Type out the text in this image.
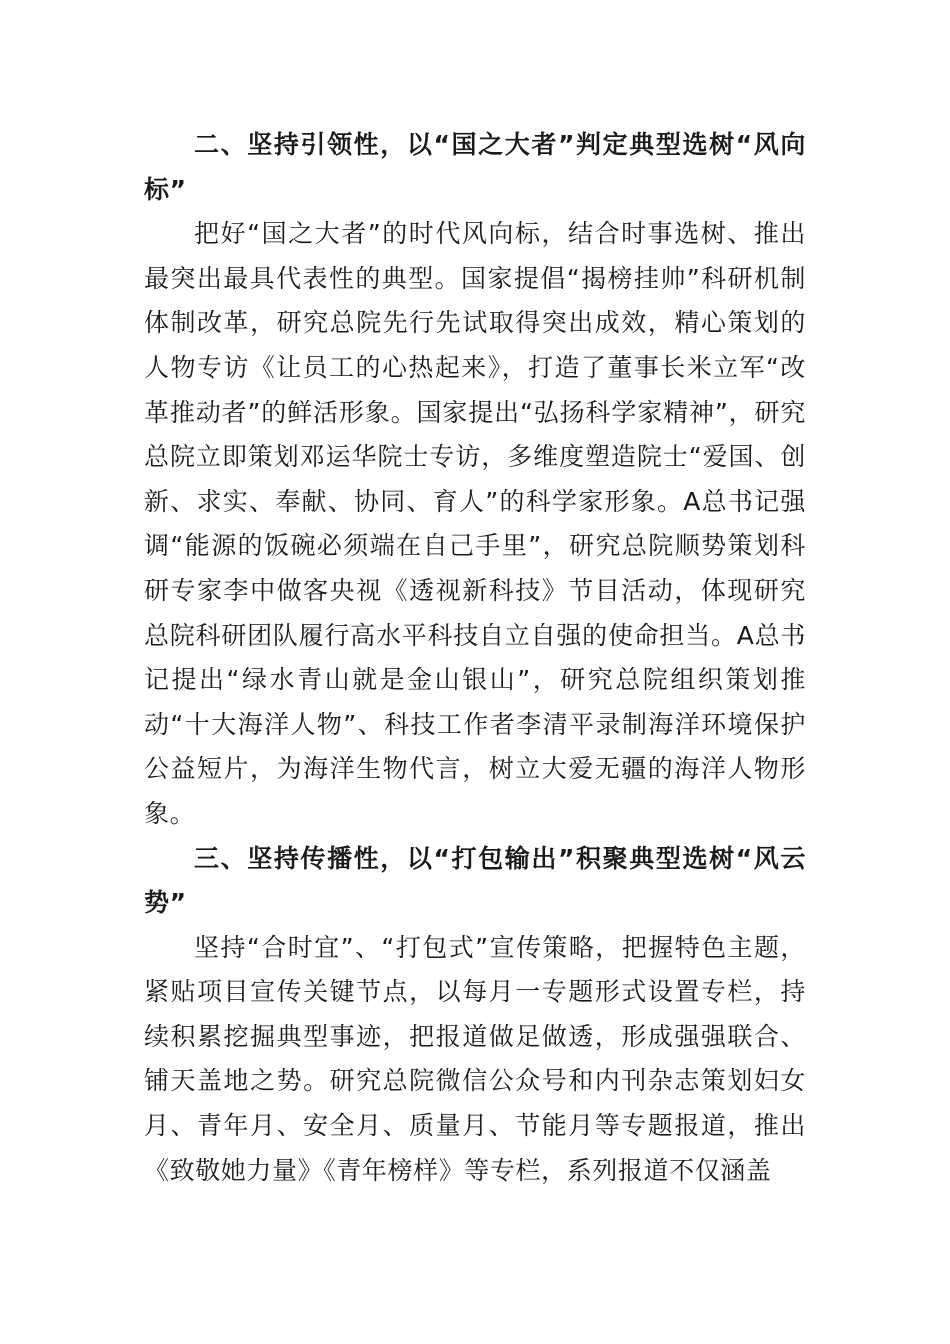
二、坚持引领性，以“国之大者”判定典型选树“风向标”

把好“国之大者”的时代风向标，结合时事选树、推出最突出最具代表性的典型。国家提倡“揭榜挂帅”科研机制体制改革，研究总院先行先试取得突出成效，精心策划的人物专访《让员工的心热起来》，打造了董事长米立军“改革推动者”的鲜活形象。国家提出“弘扬科学家精神”，研究总院立即策划邓运华院士专访，多维度塑造院士“爱国、创新、求实、奉献、协同、育人”的科学家形象。A总书记强调“能源的饭碗必须端在自己手里”，研究总院顺势策划科研专家李中做客央视《透视新科技》节目活动，体现研究总院科研团队履行高水平科技自立自强的使命担当。A总书记提出“绿水青山就是金山银山”，研究总院组织策划推动“十大海洋人物”、科技工作者李清平录制海洋环境保护公益短片，为海洋生物代言，树立大爱无疆的海洋人物形象。

三、坚持传播性，以“打包输出”积聚典型选树“风云势”

坚持“合时宜”、“打包式”宣传策略，把握特色主题，紧贴项目宣传关键节点，以每月一专题形式设置专栏，持续积累挖掘典型事迹，把报道做足做透，形成强强联合、铺天盖地之势。研究总院微信公众号和内刊杂志策划妇女月、青年月、安全月、质量月、节能月等专题报道，推出《致敬她力量》《青年榜样》等专栏，系列报道不仅涵盖
